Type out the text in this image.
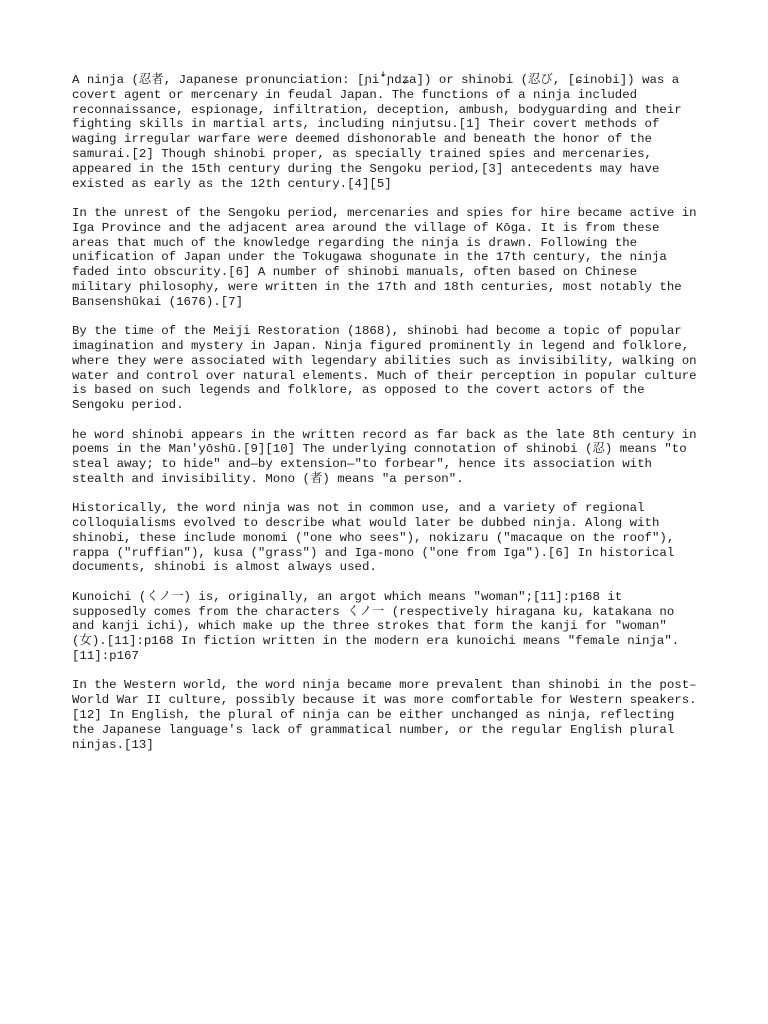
A ninja (忍者, Japanese pronunciation: [ɲiꜜɲdʑa]) or shinobi (忍び, [ɕinobi]) was a covert agent or mercenary in feudal Japan. The functions of a ninja included reconnaissance, espionage, infiltration, deception, ambush, bodyguarding and their fighting skills in martial arts, including ninjutsu.[1] Their covert methods of waging irregular warfare were deemed dishonorable and beneath the honor of the samurai.[2] Though shinobi proper, as specially trained spies and mercenaries, appeared in the 15th century during the Sengoku period,[3] antecedents may have existed as early as the 12th century.[4][5]

In the unrest of the Sengoku period, mercenaries and spies for hire became active in Iga Province and the adjacent area around the village of Kōga. It is from these areas that much of the knowledge regarding the ninja is drawn. Following the unification of Japan under the Tokugawa shogunate in the 17th century, the ninja faded into obscurity.[6] A number of shinobi manuals, often based on Chinese military philosophy, were written in the 17th and 18th centuries, most notably the Bansenshūkai (1676).[7]

By the time of the Meiji Restoration (1868), shinobi had become a topic of popular imagination and mystery in Japan. Ninja figured prominently in legend and folklore, where they were associated with legendary abilities such as invisibility, walking on water and control over natural elements. Much of their perception in popular culture is based on such legends and folklore, as opposed to the covert actors of the Sengoku period.

he word shinobi appears in the written record as far back as the late 8th century in poems in the Man'yōshū.[9][10] The underlying connotation of shinobi (忍) means "to steal away; to hide" and—by extension—"to forbear", hence its association with stealth and invisibility. Mono (者) means "a person".

Historically, the word ninja was not in common use, and a variety of regional colloquialisms evolved to describe what would later be dubbed ninja. Along with shinobi, these include monomi ("one who sees"), nokizaru ("macaque on the roof"), rappa ("ruffian"), kusa ("grass") and Iga-mono ("one from Iga").[6] In historical documents, shinobi is almost always used.

Kunoichi (くノ一) is, originally, an argot which means "woman";[11]:p168 it supposedly comes from the characters くノ一 (respectively hiragana ku, katakana no and kanji ichi), which make up the three strokes that form the kanji for "woman" (女).[11]:p168 In fiction written in the modern era kunoichi means "female ninja".[11]:p167

In the Western world, the word ninja became more prevalent than shinobi in the post–World War II culture, possibly because it was more comfortable for Western speakers.[12] In English, the plural of ninja can be either unchanged as ninja, reflecting the Japanese language's lack of grammatical number, or the regular English plural ninjas.[13]
